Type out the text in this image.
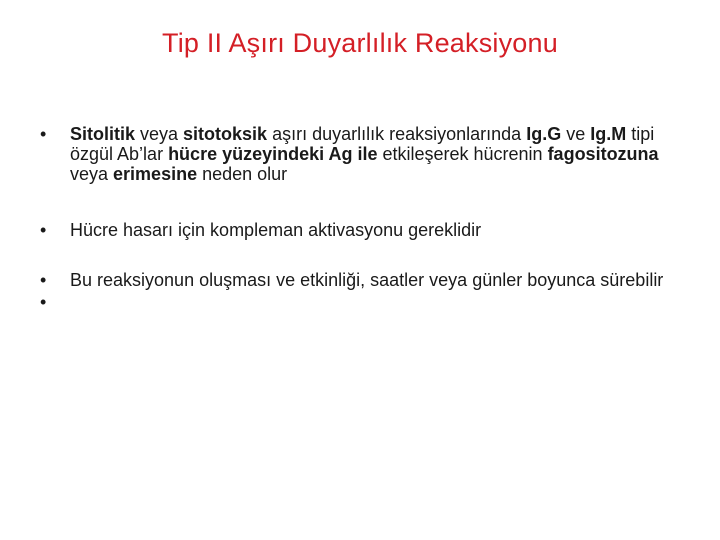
Tip II Aşırı Duyarlılık Reaksiyonu
• Sitolitik veya sitotoksik aşırı duyarlılık reaksiyonlarında Ig.G ve Ig.M tipi özgül Ab’lar hücre yüzeyindeki Ag ile etkileşerek hücrenin fagositozuna veya erimesine neden olur
• Hücre hasarı için kompleman aktivasyonu gereklidir
• Bu reaksiyonun oluşması ve etkinliği, saatler veya günler boyunca sürebilir
•
